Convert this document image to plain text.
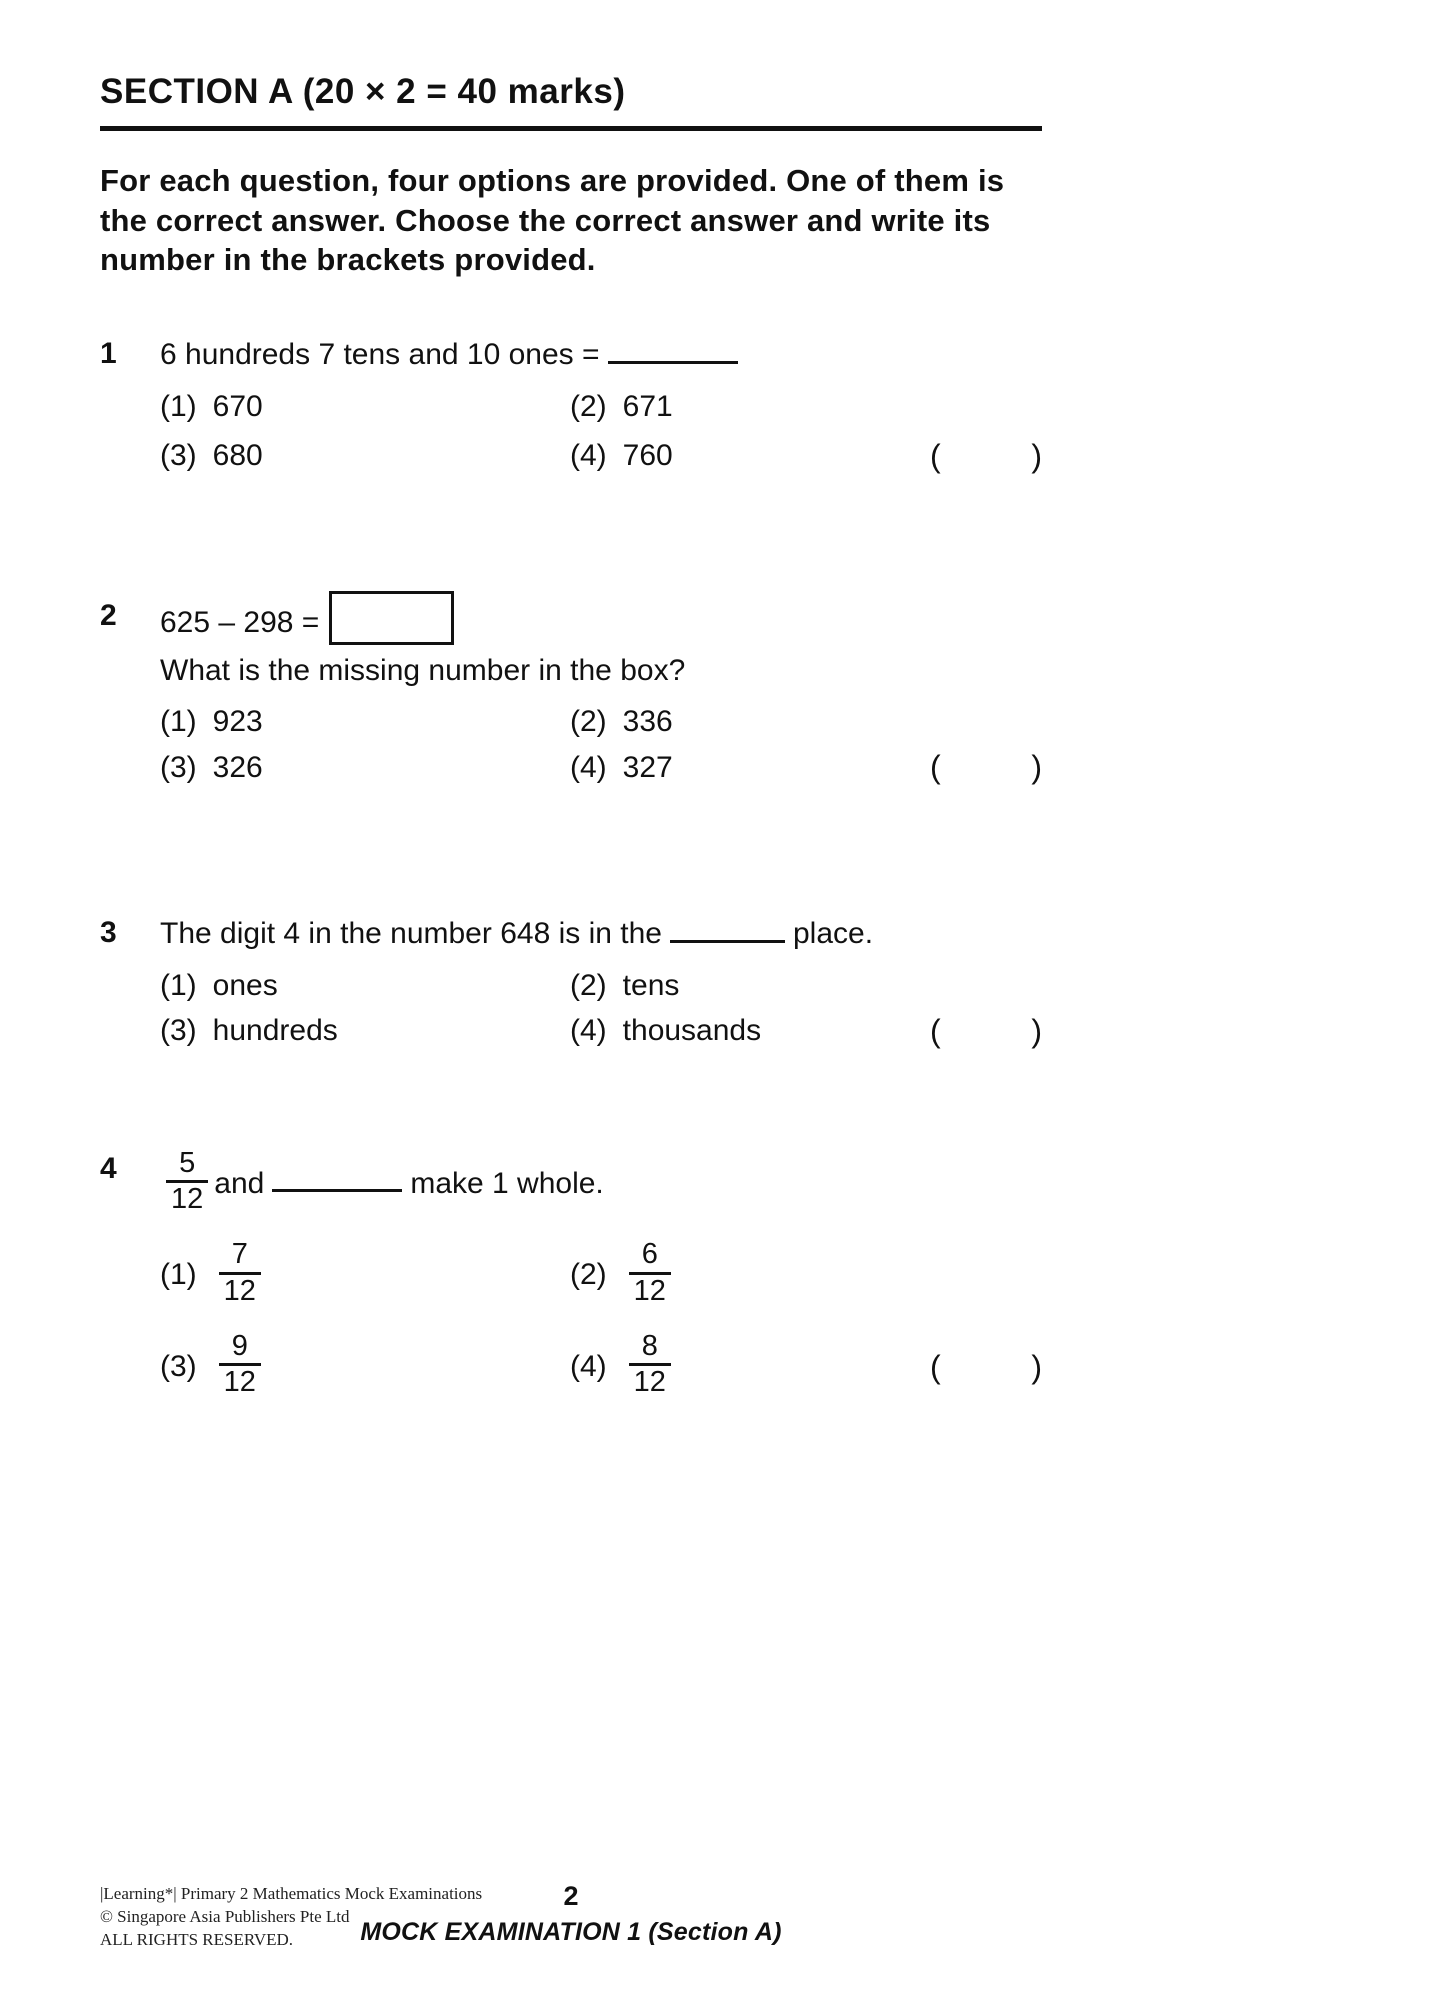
SECTION A (20 × 2 = 40 marks)

For each question, four options are provided. One of them is the correct answer. Choose the correct answer and write its number in the brackets provided.

1	6 hundreds 7 tens and 10 ones =

(1) 670	(2) 671
(3) 680	(4) 760	(	)
2	625 – 298 =

What is the missing number in the box?

(1) 923	(2) 336
(3) 326	(4) 327	(	)
3	The digit 4 in the number 648 is in the	place.

(1) ones	(2) tens
(3) hundreds	(4) thousands	(	)
4	$\frac{5}{12}$ and	make 1 whole.

$(1) \frac{7}{12}$	$(2) \frac{6}{12}$
$(3) \frac{9}{12}$	$(4) \frac{8}{12}$	(	)
|Learning*| Primary 2 Mathematics Mock Examinations
© Singapore Asia Publishers Pte Ltd
ALL RIGHTS RESERVED.
2
MOCK EXAMINATION 1 (Section A)
